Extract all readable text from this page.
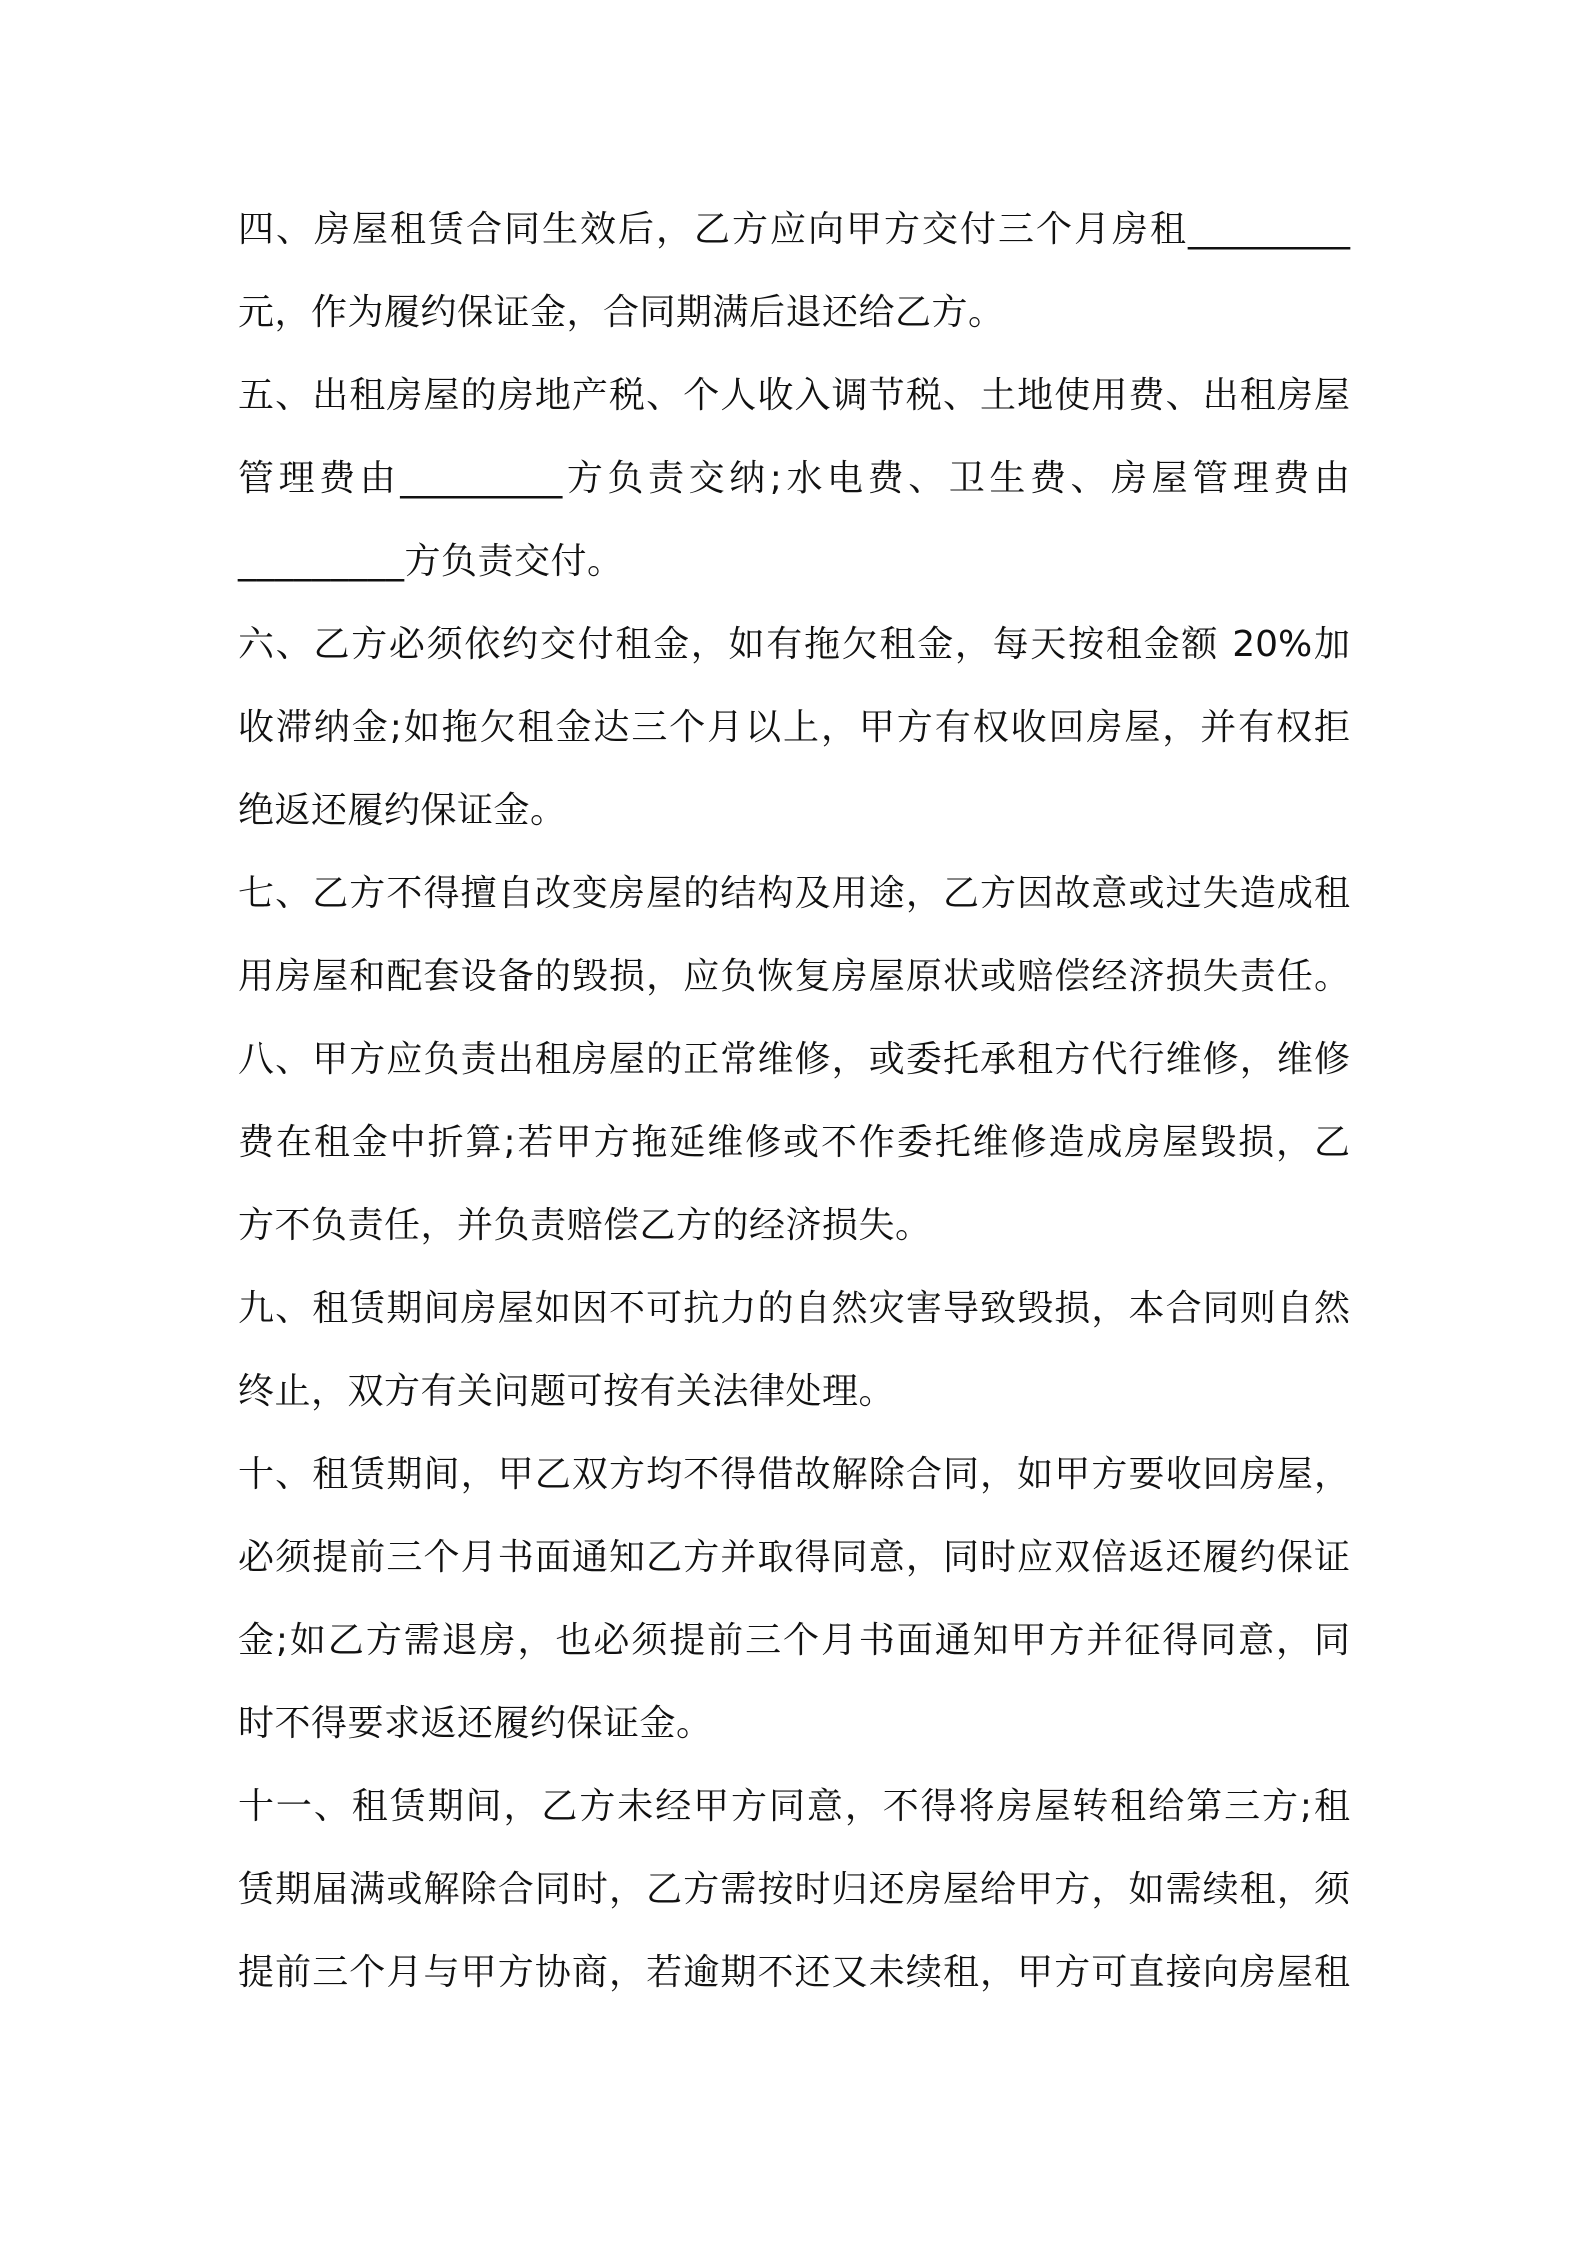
四、房屋租赁合同生效后，乙方应向甲方交付三个月房租_________
元，作为履约保证金，合同期满后退还给乙方。
五、出租房屋的房地产税、个人收入调节税、土地使用费、出租房屋
管理费由_________方负责交纳;水电费、卫生费、房屋管理费由
_________方负责交付。
六、乙方必须依约交付租金，如有拖欠租金，每天按租金额 20%加
收滞纳金;如拖欠租金达三个月以上，甲方有权收回房屋，并有权拒
绝返还履约保证金。
七、乙方不得擅自改变房屋的结构及用途，乙方因故意或过失造成租
用房屋和配套设备的毁损，应负恢复房屋原状或赔偿经济损失责任。
八、甲方应负责出租房屋的正常维修，或委托承租方代行维修，维修
费在租金中折算;若甲方拖延维修或不作委托维修造成房屋毁损，乙
方不负责任，并负责赔偿乙方的经济损失。
九、租赁期间房屋如因不可抗力的自然灾害导致毁损，本合同则自然
终止，双方有关问题可按有关法律处理。
十、租赁期间，甲乙双方均不得借故解除合同，如甲方要收回房屋，
必须提前三个月书面通知乙方并取得同意，同时应双倍返还履约保证
金;如乙方需退房，也必须提前三个月书面通知甲方并征得同意，同
时不得要求返还履约保证金。
十一、租赁期间，乙方未经甲方同意，不得将房屋转租给第三方;租
赁期届满或解除合同时，乙方需按时归还房屋给甲方，如需续租，须
提前三个月与甲方协商，若逾期不还又未续租，甲方可直接向房屋租
